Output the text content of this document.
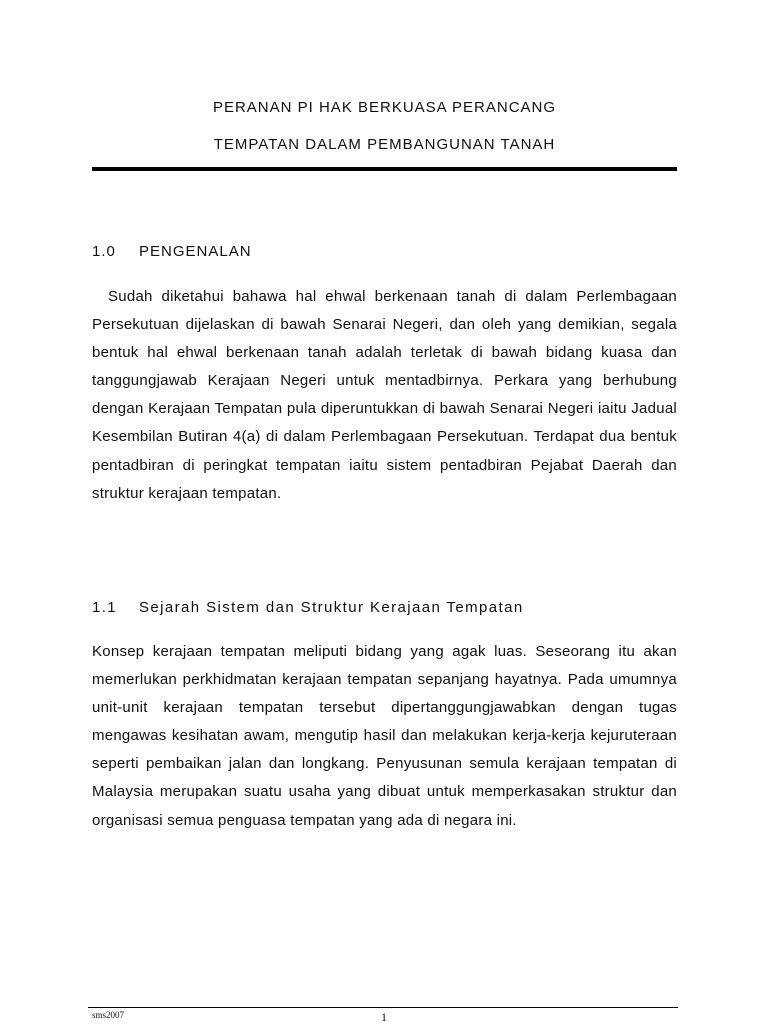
PERANAN PI HAK BERKUASA PERANCANG
TEMPATAN DALAM PEMBANGUNAN TANAH
1.0 PENGENALAN

Sudah diketahui bahawa hal ehwal berkenaan tanah di dalam Perlembagaan Persekutuan dijelaskan di bawah Senarai Negeri, dan oleh yang demikian, segala bentuk hal ehwal berkenaan tanah adalah terletak di bawah bidang kuasa dan tanggungjawab Kerajaan Negeri untuk mentadbirnya. Perkara yang berhubung dengan Kerajaan Tempatan pula diperuntukkan di bawah Senarai Negeri iaitu Jadual Kesembilan Butiran 4(a) di dalam Perlembagaan Persekutuan. Terdapat dua bentuk pentadbiran di peringkat tempatan iaitu sistem pentadbiran Pejabat Daerah dan struktur kerajaan tempatan.

1.1 Sejarah Sistem dan Struktur Kerajaan Tempatan

Konsep kerajaan tempatan meliputi bidang yang agak luas. Seseorang itu akan memerlukan perkhidmatan kerajaan tempatan sepanjang hayatnya. Pada umumnya unit-unit kerajaan tempatan tersebut dipertanggungjawabkan dengan tugas mengawas kesihatan awam, mengutip hasil dan melakukan kerja-kerja kejuruteraan seperti pembaikan jalan dan longkang. Penyusunan semula kerajaan tempatan di Malaysia merupakan suatu usaha yang dibuat untuk memperkasakan struktur dan organisasi semua penguasa tempatan yang ada di negara ini.

sms2007	1
